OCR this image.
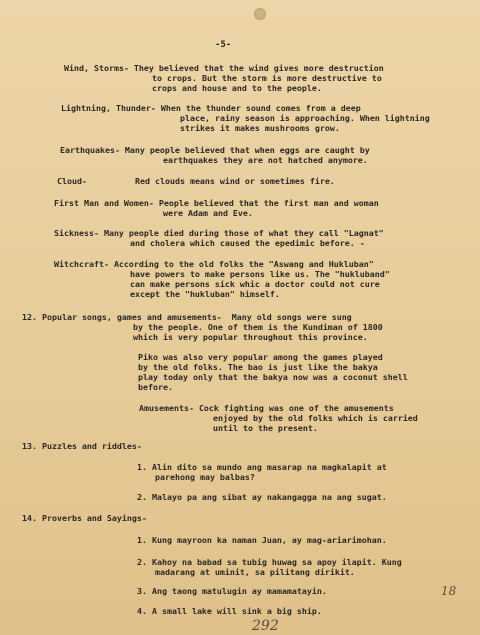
-5-
Wind, Storms- They believed that the wind gives more destruction
to crops. But the storm is more destructive to
crops and house and to the people.
Lightning, Thunder- When the thunder sound comes from a deep
place, rainy season is approaching. When lightning
strikes it makes mushrooms grow.
Earthquakes- Many people believed that when eggs are caught by
earthquakes they are not hatched anymore.
Cloud-	Red clouds means wind or sometimes fire.
First Man and Women- People believed that the first man and woman
were Adam and Eve.
Sickness- Many people died during those of what they call "Lagnat"
and cholera which caused the epedimic before. -
Witchcraft- According to the old folks the "Aswang and Hukluban"
have powers to make persons like us. The "hukluband"
can make persons sick whic a doctor could not cure
except the "hukluban" himself.
12. Popular songs, games and amusements-  Many old songs were sung
by the people. One of them is the Kundiman of 1800
which is very popular throughout this province.
Piko was also very popular among the games played
by the old folks. The bao is just like the bakya
play today only that the bakya now was a coconut shell
before.
Amusements- Cock fighting was one of the amusements
enjoyed by the old folks which is carried
until to the present.
13. Puzzles and riddles-
1. Alin dito sa mundo ang masarap na magkalapit at
parehong may balbas?
2. Malayo pa ang sibat ay nakangagga na ang sugat.
14. Proverbs and Sayings-
1. Kung mayroon ka naman Juan, ay mag-ariarimohan.
2. Kahoy na babad sa tubig huwag sa apoy ilapit. Kung
madarang at uminit, sa pilitang dirikit.
3. Ang taong matulugin ay mamamatayin.
4. A small lake will sink a big ship.
18
292
